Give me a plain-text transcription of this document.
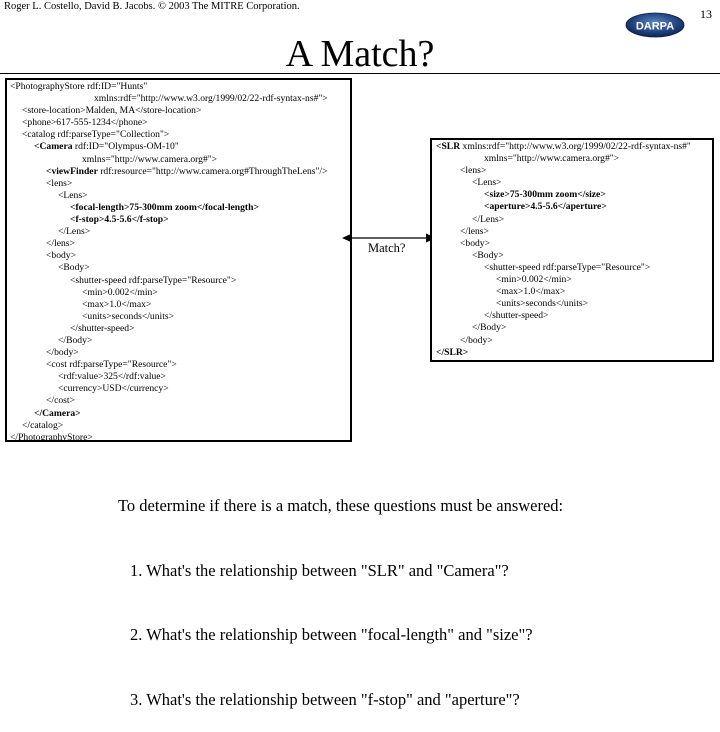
Roger L. Costello, David B. Jacobs. © 2003 The MITRE Corporation.
13
DARPA
A Match?
<PhotographyStore rdf:ID="Hunts"
xmlns:rdf="http://www.w3.org/1999/02/22-rdf-syntax-ns#">
<store-location>Malden, MA</store-location>
<phone>617-555-1234</phone>
<catalog rdf:parseType="Collection">
<Camera rdf:ID="Olympus-OM-10"
xmlns="http://www.camera.org#">
<viewFinder rdf:resource="http://www.camera.org#ThroughTheLens"/>
<lens>
<Lens>
<focal-length>75-300mm zoom</focal-length>
<f-stop>4.5-5.6</f-stop>
</Lens>
</lens>
<body>
<Body>
<shutter-speed rdf:parseType="Resource">
<min>0.002</min>
<max>1.0</max>
<units>seconds</units>
</shutter-speed>
</Body>
</body>
<cost rdf:parseType="Resource">
<rdf:value>325</rdf:value>
<currency>USD</currency>
</cost>
</Camera>
</catalog>
</PhotographyStore>
Match?
<SLR xmlns:rdf="http://www.w3.org/1999/02/22-rdf-syntax-ns#"
xmlns="http://www.camera.org#">
<lens>
<Lens>
<size>75-300mm zoom</size>
<aperture>4.5-5.6</aperture>
</Lens>
</lens>
<body>
<Body>
<shutter-speed rdf:parseType="Resource">
<min>0.002</min>
<max>1.0</max>
<units>seconds</units>
</shutter-speed>
</Body>
</body>
</SLR>

To determine if there is a match, these questions must be answered:

1. What's the relationship between "SLR" and "Camera"?

2. What's the relationship between "focal-length" and "size"?

3. What's the relationship between "f-stop" and "aperture"?
